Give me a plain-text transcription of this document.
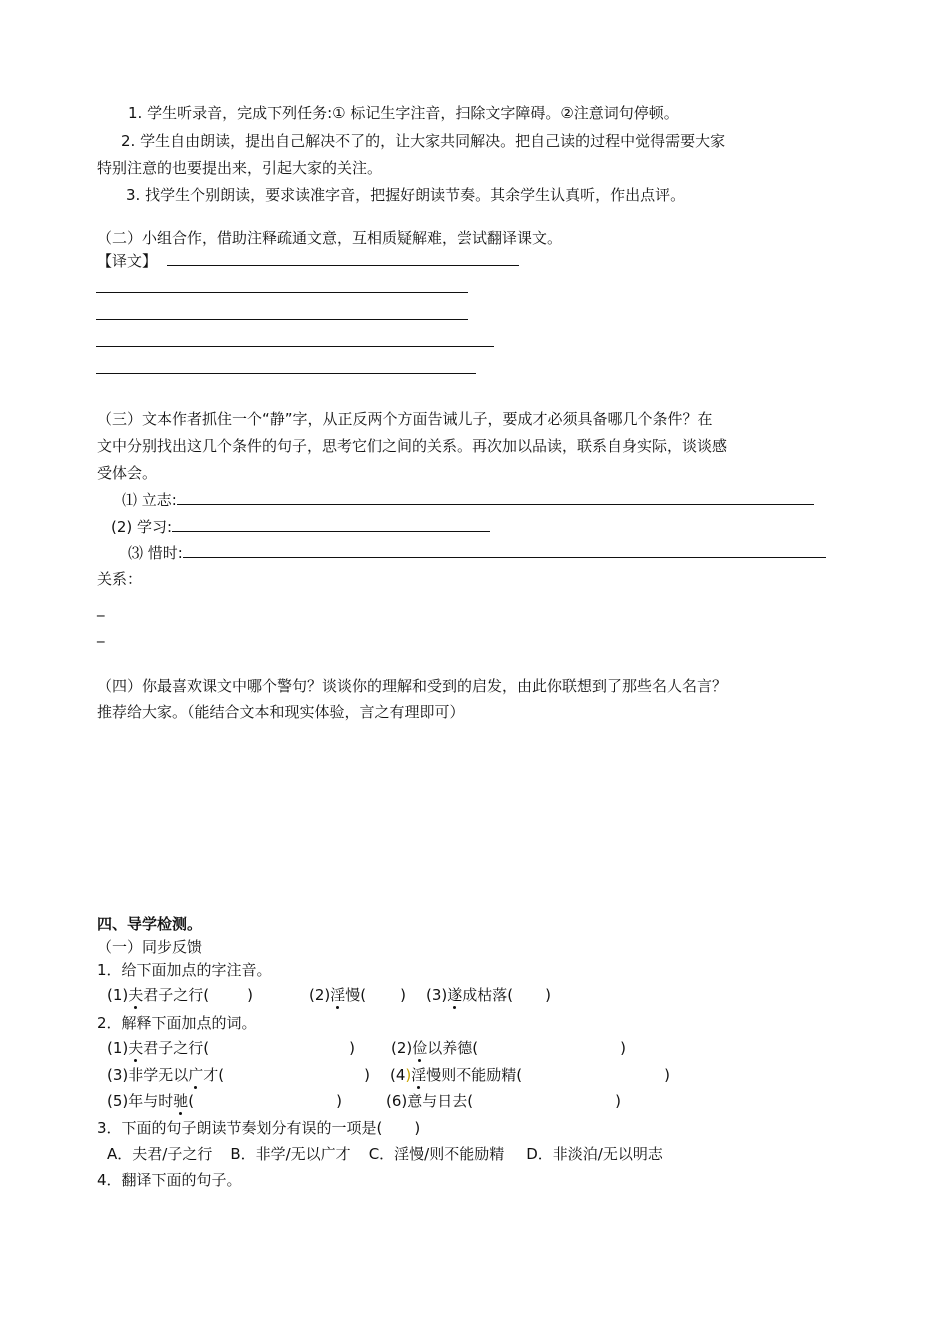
1. 学生听录音，完成下列任务:① 标记生字注音，扫除文字障碍。②注意词句停顿。
2. 学生自由朗读，提出自己解决不了的，让大家共同解决。把自己读的过程中觉得需要大家
特别注意的也要提出来，引起大家的关注。
3. 找学生个别朗读，要求读准字音，把握好朗读节奏。其余学生认真听，作出点评。
（二）小组合作，借助注释疏通文意，互相质疑解难，尝试翻译课文。
【译文】
（三）文本作者抓住一个“静”字，从正反两个方面告诫儿子，要成才必须具备哪几个条件？在
文中分别找出这几个条件的句子，思考它们之间的关系。再次加以品读，联系自身实际，谈谈感
受体会。
⑴ 立志:
(2) 学习:
⑶ 惜时:
关系：
_
_
（四）你最喜欢课文中哪个警句？谈谈你的理解和受到的启发，由此你联想到了那些名人名言？
推荐给大家。（能结合文本和现实体验，言之有理即可）
四、导学检测。
（一）同步反馈
1．给下面加点的字注音。
(1)夫君子之行(	)	(2)淫慢( ) (3)遂成枯落( )
2．解释下面加点的词。
(1)夫君子之行(	) (2)俭以养德(	)
(3)非学无以广才(	) (4)淫慢则不能励精(	)
(5)年与时驰(	)	(6)意与日去(	)
3．下面的句子朗读节奏划分有误的一项是( )
A．夫君/子之行 B．非学/无以广才 C．淫慢/则不能励精 D．非淡泊/无以明志
4．翻译下面的句子。
